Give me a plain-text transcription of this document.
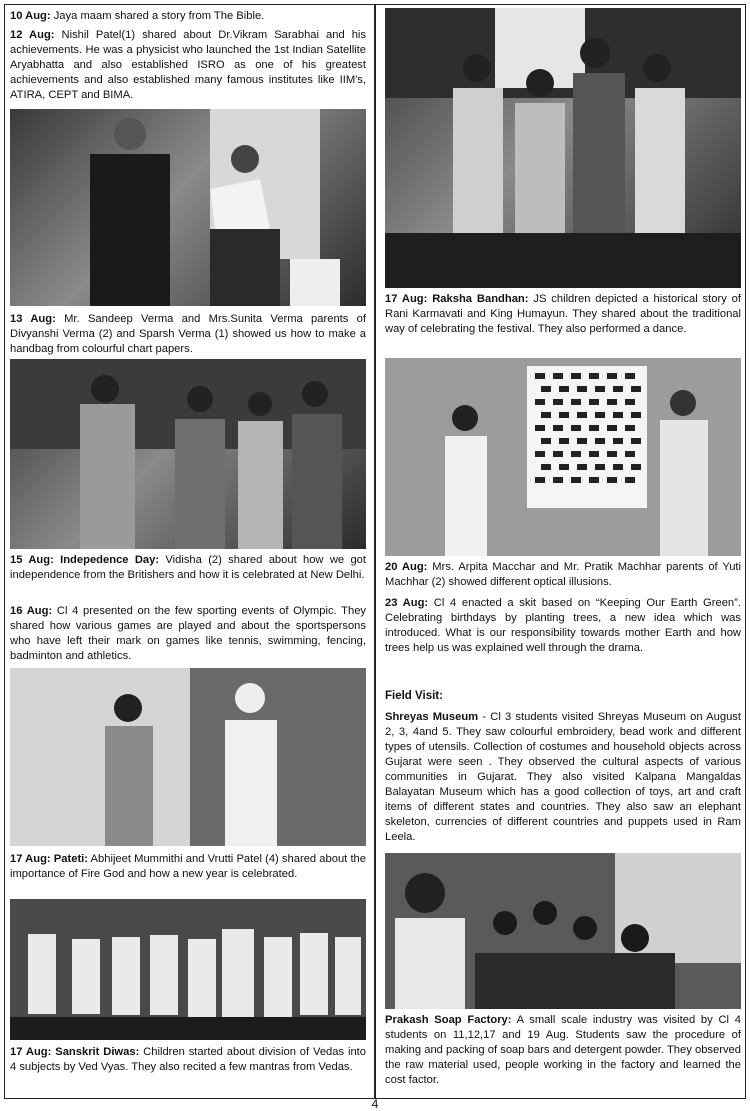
10 Aug: Jaya maam shared a story from The Bible.

12 Aug: Nishil Patel(1) shared about Dr.Vikram Sarabhai and his achievements. He was a physicist who launched the 1st Indian Satellite Aryabhatta and also established ISRO as one of his greatest achievements and also established many famous institutes like IIM's, ATIRA, CEPT and BIMA.

13 Aug: Mr. Sandeep Verma and Mrs.Sunita Verma parents of Divyanshi Verma (2) and Sparsh Verma (1) showed us how to make a handbag from colourful chart papers.

15 Aug: Indepedence Day: Vidisha (2) shared about how we got independence from the Britishers and how it is celebrated at New Delhi.

16 Aug: Cl 4 presented on the few sporting events of Olympic. They shared how various games are played and about the sportspersons who have left their mark on games like tennis, swimming, fencing, badminton and athletics.

17 Aug: Pateti: Abhijeet Mummithi and Vrutti Patel (4) shared about the importance of Fire God and how a new year is celebrated.

17 Aug: Sanskrit Diwas: Children started about division of Vedas into 4 subjects by Ved Vyas. They also recited a few mantras from Vedas.

17 Aug: Raksha Bandhan: JS children depicted a historical story of Rani Karmavati and King Humayun. They shared about the traditional way of celebrating the festival. They also performed a dance.

20 Aug: Mrs. Arpita Macchar and Mr. Pratik Machhar parents of Yuti Machhar (2) showed different optical illusions.

23 Aug: Cl 4 enacted a skit based on “Keeping Our Earth Green”. Celebrating birthdays by planting trees, a new idea which was introduced. What is our responsibility towards mother Earth and how trees help us was explained well through the drama.

Field Visit:

Shreyas Museum - Cl 3 students visited Shreyas Museum on August 2, 3, 4and 5. They saw colourful embroidery, bead work and different types of utensils. Collection of costumes and household objects across Gujarat were seen . They observed the cultural aspects of various communities in Gujarat. They also visited Kalpana Mangaldas Balayatan Museum which has a good collection of toys, art and craft items of different states and countries. They also saw an elephant skeleton, currencies of different countries and puppets used in Ram Leela.

Prakash Soap Factory: A small scale industry was visited by Cl 4 students on 11,12,17 and 19 Aug. Students saw the procedure of making and packing of soap bars and detergent powder. They observed the raw material used, people working in the factory and learned the cost factor.

4
